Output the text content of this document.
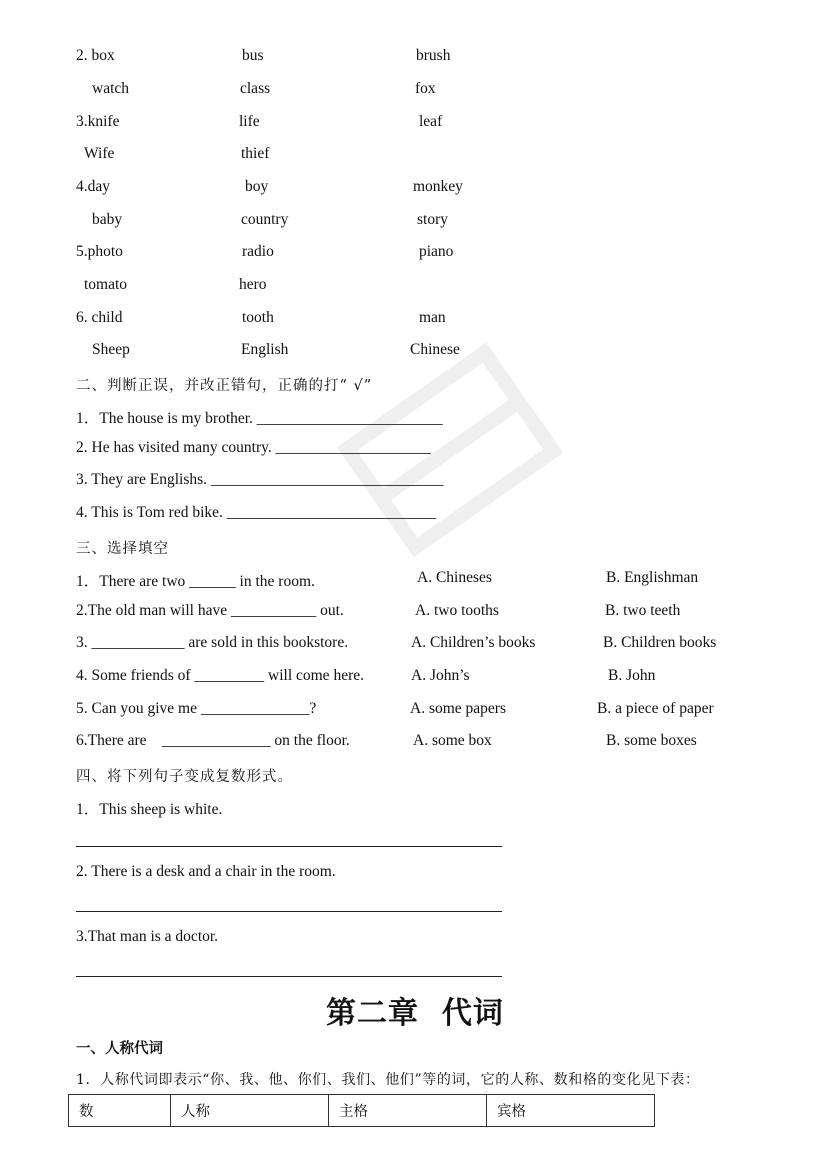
2. box	bus	brush
watch	class	fox
3.knife	life	leaf
Wife	thief
4.day	boy	monkey
baby	country	story
5.photo	radio	piano
tomato	hero
6. child	tooth	man
Sheep	English	Chinese
二、判断正误，并改正错句，正确的打“ √”
1．The house is my brother. ________________________
2. He has visited many country. ____________________
3. They are Englishs. ______________________________
4. This is Tom red bike. ___________________________
三、选择填空
1．There are two ______ in the room.	A. Chineses	B. Englishman
2.The old man will have ___________ out.	A. two tooths	B. two teeth
3. ____________ are sold in this bookstore.	A. Children’s books	B. Children books
4. Some friends of _________ will come here.	A. John’s	B. John
5. Can you give me ______________?	A. some papers	B. a piece of paper
6.There are    ______________ on the floor.	A. some box	B. some boxes
四、将下列句子变成复数形式。
1．This sheep is white.
2. There is a desk and a chair in the room.
3.That man is a doctor.
第二章  代词
一、人称代词
1．人称代词即表示“你、我、他、你们、我们、他们”等的词，它的人称、数和格的变化见下表：
数	人称	主格	宾格
